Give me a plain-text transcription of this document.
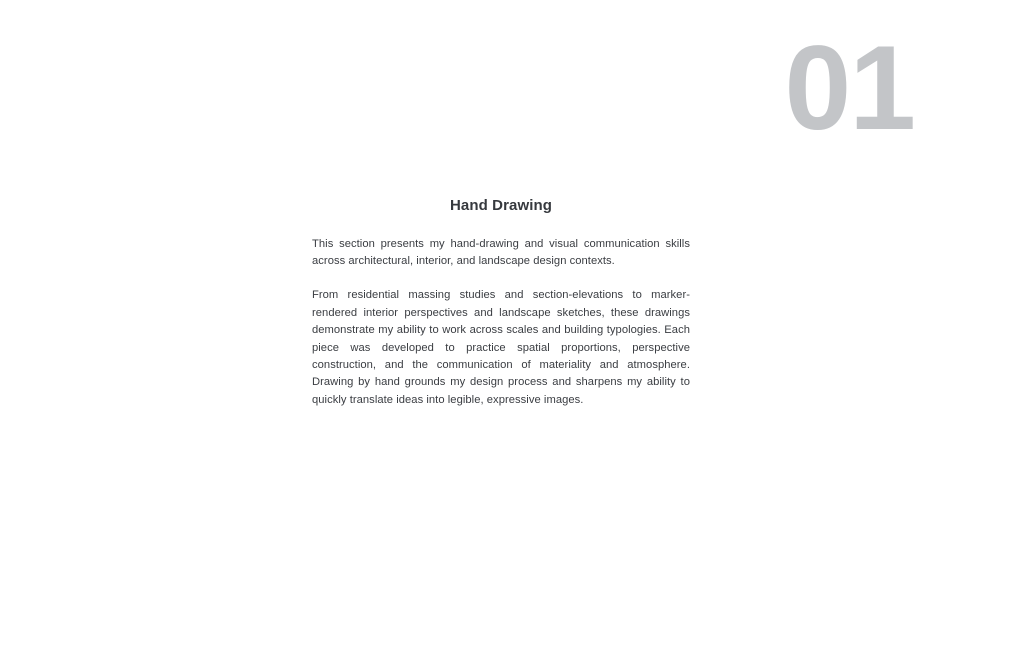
01
Hand Drawing

This section presents my hand-drawing and visual communication skills across architectural, interior, and landscape design contexts.

From residential massing studies and section-elevations to marker-rendered interior perspectives and landscape sketches, these drawings demonstrate my ability to work across scales and building typologies. Each piece was developed to practice spatial proportions, perspective construction, and the communication of materiality and atmosphere. Drawing by hand grounds my design process and sharpens my ability to quickly translate ideas into legible, expressive images.
